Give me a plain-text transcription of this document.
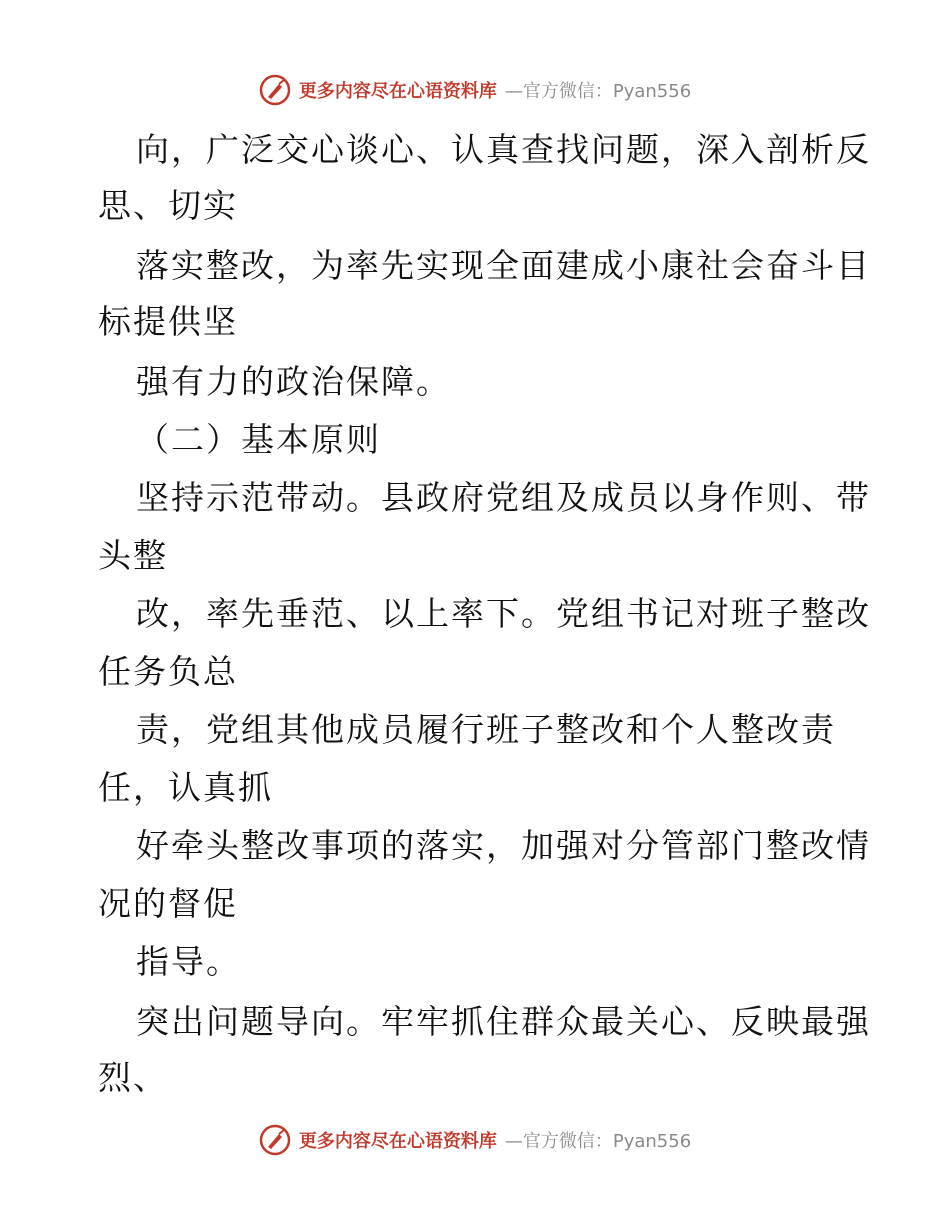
更多内容尽在心语资料库 —官方微信：Pyan556
向，广泛交心谈心、认真查找问题，深入剖析反
思、切实
落实整改，为率先实现全面建成小康社会奋斗目
标提供坚
强有力的政治保障。
（二）基本原则
坚持示范带动。县政府党组及成员以身作则、带
头整
改，率先垂范、以上率下。党组书记对班子整改
任务负总
责，党组其他成员履行班子整改和个人整改责
任，认真抓
好牵头整改事项的落实，加强对分管部门整改情
况的督促
指导。
突出问题导向。牢牢抓住群众最关心、反映最强
烈、
更多内容尽在心语资料库 —官方微信：Pyan556
